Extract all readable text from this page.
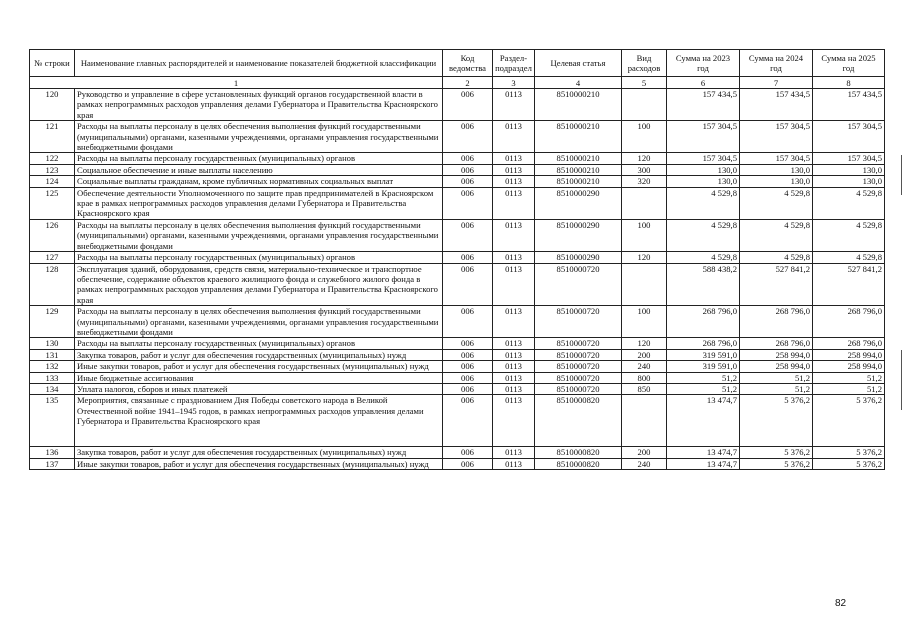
№ строки	Наименование главных распорядителей и наименование показателей бюджетной классификации	Код ведомства	Раздел-подраздел	Целевая статья	Вид расходов	Сумма на 2023 год	Сумма на 2024 год	Сумма на 2025 год
1		2	3	4	5	6	7	8
120	Руководство и управление в сфере установленных функций органов государственной власти в рамках непрограммных расходов управления делами Губернатора и Правительства Красноярского края	006	0113	8510000210		157 434,5	157 434,5	157 434,5
121	Расходы на выплаты персоналу в целях обеспечения выполнения функций государственными (муниципальными) органами, казенными учреждениями, органами управления государственными внебюджетными фондами	006	0113	8510000210	100	157 304,5	157 304,5	157 304,5
122	Расходы на выплаты персоналу государственных (муниципальных) органов	006	0113	8510000210	120	157 304,5	157 304,5	157 304,5
123	Социальное обеспечение и иные выплаты населению	006	0113	8510000210	300	130,0	130,0	130,0
124	Социальные выплаты гражданам, кроме публичных нормативных социальных выплат	006	0113	8510000210	320	130,0	130,0	130,0
125	Обеспечение деятельности Уполномоченного по защите прав предпринимателей в Красноярском крае в рамках непрограммных расходов управления делами Губернатора и Правительства Красноярского края	006	0113	8510000290		4 529,8	4 529,8	4 529,8
126	Расходы на выплаты персоналу в целях обеспечения выполнения функций государственными (муниципальными) органами, казенными учреждениями, органами управления государственными внебюджетными фондами	006	0113	8510000290	100	4 529,8	4 529,8	4 529,8
127	Расходы на выплаты персоналу государственных (муниципальных) органов	006	0113	8510000290	120	4 529,8	4 529,8	4 529,8
128	Эксплуатация зданий, оборудования, средств связи, материально-техническое и транспортное обеспечение, содержание объектов краевого жилищного фонда и служебного жилого фонда в рамках непрограммных расходов управления делами Губернатора и Правительства Красноярского края	006	0113	8510000720		588 438,2	527 841,2	527 841,2
129	Расходы на выплаты персоналу в целях обеспечения выполнения функций государственными (муниципальными) органами, казенными учреждениями, органами управления государственными внебюджетными фондами	006	0113	8510000720	100	268 796,0	268 796,0	268 796,0
130	Расходы на выплаты персоналу государственных (муниципальных) органов	006	0113	8510000720	120	268 796,0	268 796,0	268 796,0
131	Закупка товаров, работ и услуг для обеспечения государственных (муниципальных) нужд	006	0113	8510000720	200	319 591,0	258 994,0	258 994,0
132	Иные закупки товаров, работ и услуг для обеспечения государственных (муниципальных) нужд	006	0113	8510000720	240	319 591,0	258 994,0	258 994,0
133	Иные бюджетные ассигнования	006	0113	8510000720	800	51,2	51,2	51,2
134	Уплата налогов, сборов и иных платежей	006	0113	8510000720	850	51,2	51,2	51,2
135	Мероприятия, связанные с празднованием Дня Победы советского народа в Великой Отечественной войне 1941–1945 годов, в рамках непрограммных расходов управления делами Губернатора и Правительства Красноярского края	006	0113	8510000820		13 474,7	5 376,2	5 376,2
136	Закупка товаров, работ и услуг для обеспечения государственных (муниципальных) нужд	006	0113	8510000820	200	13 474,7	5 376,2	5 376,2
137	Иные закупки товаров, работ и услуг для обеспечения государственных (муниципальных) нужд	006	0113	8510000820	240	13 474,7	5 376,2	5 376,2
82
